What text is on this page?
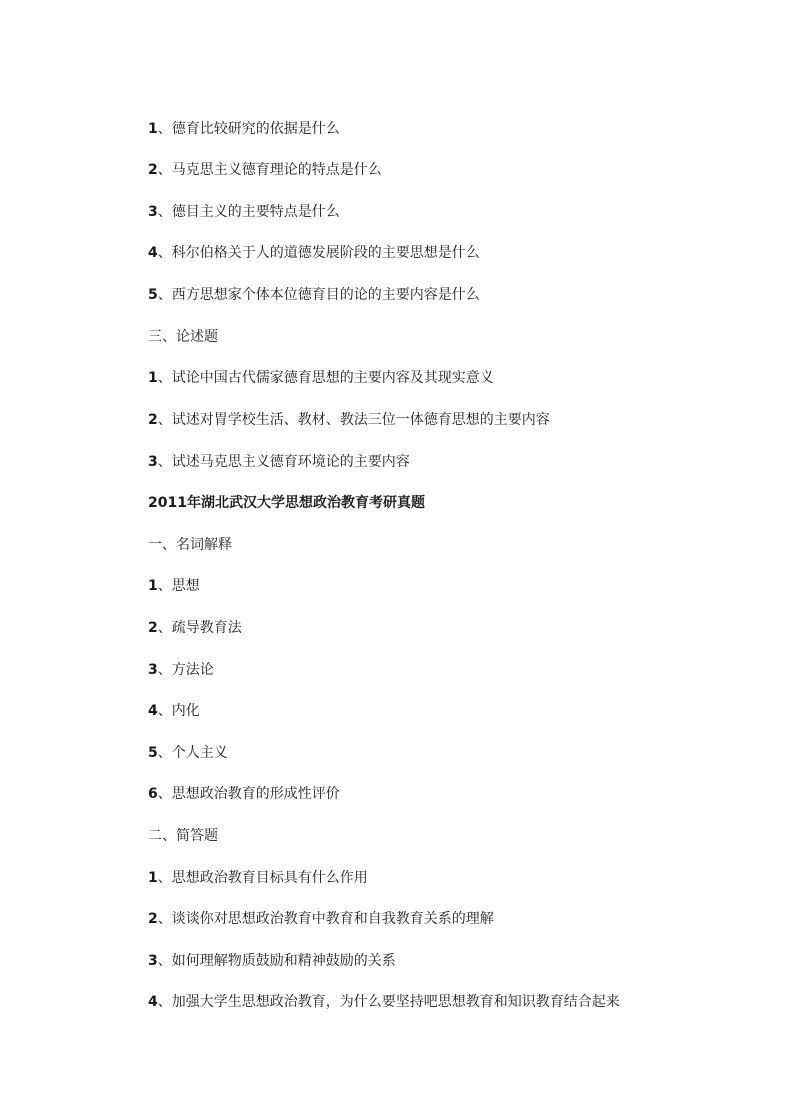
1、德育比较研究的依据是什么
2、马克思主义德育理论的特点是什么
3、德目主义的主要特点是什么
4、科尔伯格关于人的道德发展阶段的主要思想是什么
5、西方思想家个体本位德育目的论的主要内容是什么
三、论述题
1、试论中国古代儒家德育思想的主要内容及其现实意义
2、试述对胃学校生活、教材、教法三位一体德育思想的主要内容
3、试述马克思主义德育环境论的主要内容
2011年湖北武汉大学思想政治教育考研真题
一、名词解释
1、思想
2、疏导教育法
3、方法论
4、内化
5、个人主义
6、思想政治教育的形成性评价
二、简答题
1、思想政治教育目标具有什么作用
2、谈谈你对思想政治教育中教育和自我教育关系的理解
3、如何理解物质鼓励和精神鼓励的关系
4、加强大学生思想政治教育，为什么要坚持吧思想教育和知识教育结合起来
